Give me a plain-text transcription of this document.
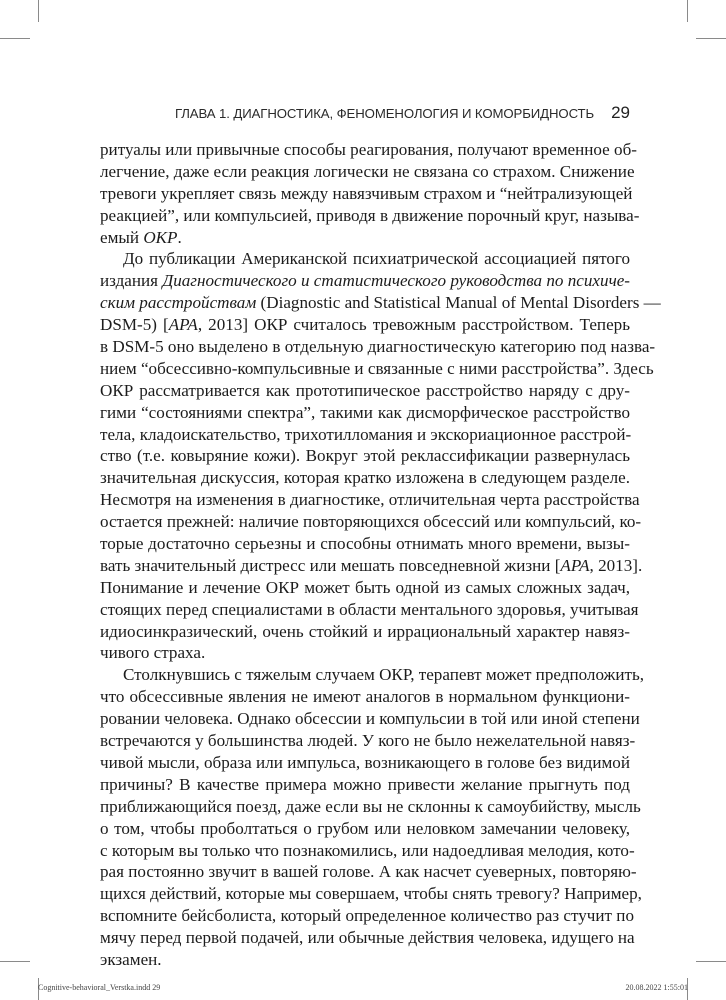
ГЛАВА 1. ДИАГНОСТИКА, ФЕНОМЕНОЛОГИЯ И КОМОРБИДНОСТЬ 29
ритуалы или привычные способы реагирования, получают временное об-
легчение, даже если реакция логически не связана со страхом. Снижение
тревоги укрепляет связь между навязчивым страхом и “нейтрализующей
реакцией”, или компульсией, приводя в движение порочный круг, называ-
емый ОКР.
До публикации Американской психиатрической ассоциацией пятого
издания Диагностического и статистического руководства по психиче-
ским расстройствам (Diagnostic and Statistical Manual of Mental Disorders —
DSM-5) [APA, 2013] ОКР считалось тревожным расстройством. Теперь
в DSM-5 оно выделено в отдельную диагностическую категорию под назва-
нием “обсессивно-компульсивные и связанные с ними расстройства”. Здесь
ОКР рассматривается как прототипическое расстройство наряду с дру-
гими “состояниями спектра”, такими как дисморфическое расстройство
тела, кладоискательство, трихотилломания и экскориационное расстрой-
ство (т.е. ковыряние кожи). Вокруг этой реклассификации развернулась
значительная дискуссия, которая кратко изложена в следующем разделе.
Несмотря на изменения в диагностике, отличительная черта расстройства
остается прежней: наличие повторяющихся обсессий или компульсий, ко-
торые достаточно серьезны и способны отнимать много времени, вызы-
вать значительный дистресс или мешать повседневной жизни [APA, 2013].
Понимание и лечение ОКР может быть одной из самых сложных задач,
стоящих перед специалистами в области ментального здоровья, учитывая
идиосинкразический, очень стойкий и иррациональный характер навяз-
чивого страха.
Столкнувшись с тяжелым случаем ОКР, терапевт может предположить,
что обсессивные явления не имеют аналогов в нормальном функциони-
ровании человека. Однако обсессии и компульсии в той или иной степени
встречаются у большинства людей. У кого не было нежелательной навяз-
чивой мысли, образа или импульса, возникающего в голове без видимой
причины? В качестве примера можно привести желание прыгнуть под
приближающийся поезд, даже если вы не склонны к самоубийству, мысль
о том, чтобы проболтаться о грубом или неловком замечании человеку,
с которым вы только что познакомились, или надоедливая мелодия, кото-
рая постоянно звучит в вашей голове. А как насчет суеверных, повторяю-
щихся действий, которые мы совершаем, чтобы снять тревогу? Например,
вспомните бейсболиста, который определенное количество раз стучит по
мячу перед первой подачей, или обычные действия человека, идущего на
экзамен.
Cognitive-behavioral_Verstka.indd 29	20.08.2022 1:55:01
